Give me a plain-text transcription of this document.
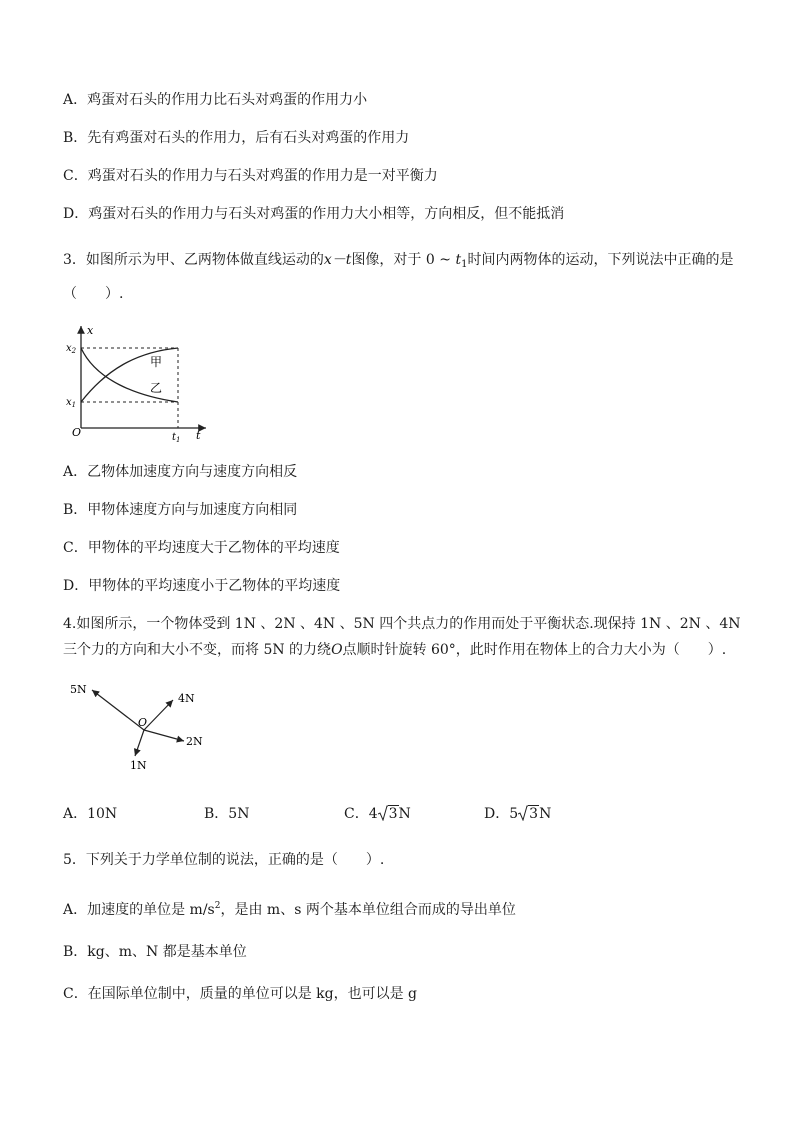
A．鸡蛋对石头的作用力比石头对鸡蛋的作用力小
B．先有鸡蛋对石头的作用力，后有石头对鸡蛋的作用力
C．鸡蛋对石头的作用力与石头对鸡蛋的作用力是一对平衡力
D．鸡蛋对石头的作用力与石头对鸡蛋的作用力大小相等，方向相反，但不能抵消
3．如图所示为甲、乙两物体做直线运动的x－t图像，对于 0 ~ $t_1$时间内两物体的运动，下列说法中正确的是
（　　）.
x
t
O
$x_2$
$x_1$
$t_1$
甲
乙
A．乙物体加速度方向与速度方向相反
B．甲物体速度方向与加速度方向相同
C．甲物体的平均速度大于乙物体的平均速度
D．甲物体的平均速度小于乙物体的平均速度
4.如图所示，一个物体受到 1N 、2N 、4N 、5N 四个共点力的作用而处于平衡状态.现保持 1N 、2N 、4N
三个力的方向和大小不变，而将 5N 的力绕O点顺时针旋转 60°，此时作用在物体上的合力大小为（　　）.
5N
4N
2N
1N
O
A．10N	B．5N	C．4 3N	D．5 3N
5．下列关于力学单位制的说法，正确的是（　　）.
A．加速度的单位是 $m/s^2$，是由 m、s 两个基本单位组合而成的导出单位
B．kg、m、N 都是基本单位
C．在国际单位制中，质量的单位可以是 kg，也可以是 g
